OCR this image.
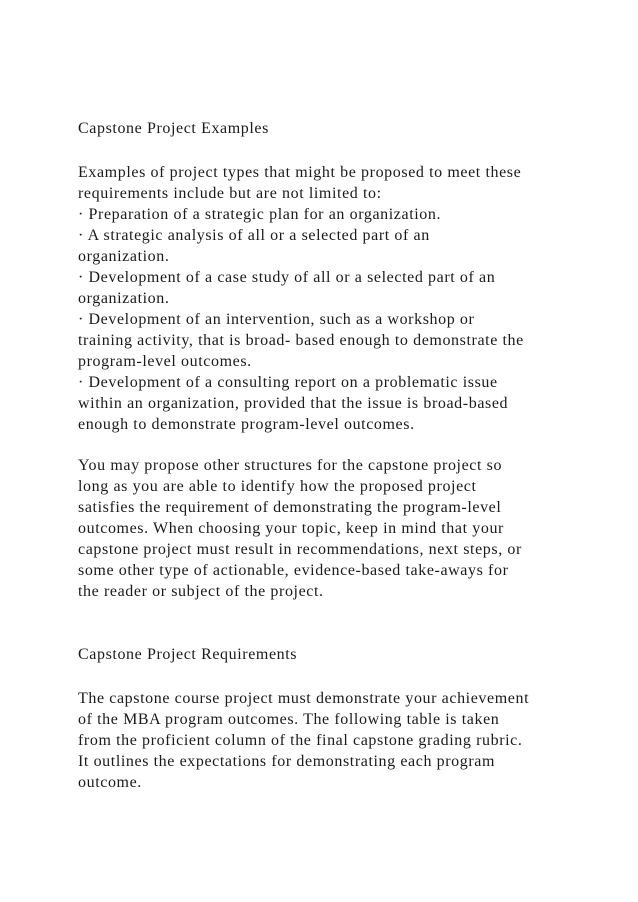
Capstone Project Examples
Examples of project types that might be proposed to meet these
requirements include but are not limited to:
· Preparation of a strategic plan for an organization.
· A strategic analysis of all or a selected part of an
organization.
· Development of a case study of all or a selected part of an
organization.
· Development of an intervention, such as a workshop or
training activity, that is broad- based enough to demonstrate the
program-level outcomes.
· Development of a consulting report on a problematic issue
within an organization, provided that the issue is broad-based
enough to demonstrate program-level outcomes.
You may propose other structures for the capstone project so
long as you are able to identify how the proposed project
satisfies the requirement of demonstrating the program-level
outcomes. When choosing your topic, keep in mind that your
capstone project must result in recommendations, next steps, or
some other type of actionable, evidence-based take-aways for
the reader or subject of the project.
Capstone Project Requirements
The capstone course project must demonstrate your achievement
of the MBA program outcomes. The following table is taken
from the proficient column of the final capstone grading rubric.
It outlines the expectations for demonstrating each program
outcome.
